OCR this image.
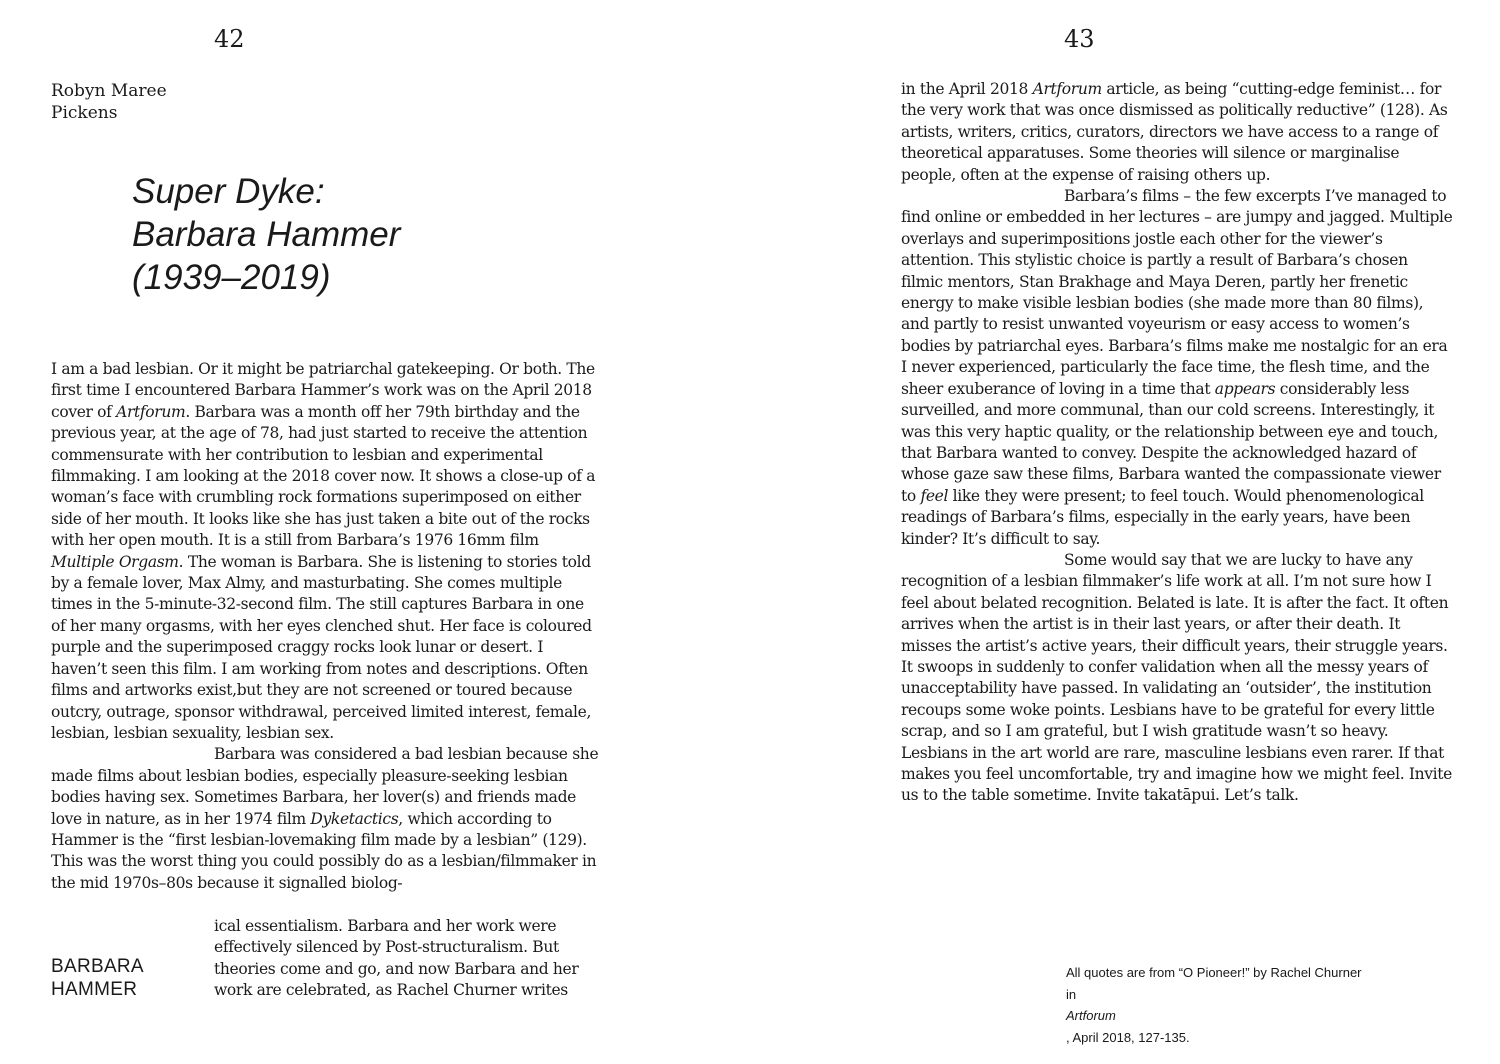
42
Robyn Maree
Pickens
Super Dyke:
Barbara Hammer
(1939–2019)

I am a bad lesbian. Or it might be patriarchal gatekeeping. Or both. The first time I encountered Barbara Hammer’s work was on the April 2018 cover of Artforum. Barbara was a month off her 79th birthday and the previous year, at the age of 78, had just started to receive the attention commensurate with her contribution to lesbian and experimental filmmaking. I am looking at the 2018 cover now. It shows a close-up of a woman’s face with crumbling rock formations superimposed on either side of her mouth. It looks like she has just taken a bite out of the rocks with her open mouth. It is a still from Barbara’s 1976 16mm film Multiple Orgasm. The woman is Barbara. She is listening to stories told by a female lover, Max Almy, and masturbating. She comes multiple times in the 5-minute-32-second film. The still captures Barbara in one of her many orgasms, with her eyes clenched shut. Her face is coloured purple and the superimposed craggy rocks look lunar or desert. I haven’t seen this film. I am working from notes and descriptions. Often films and artworks exist,but they are not screened or toured because outcry, outrage, sponsor withdrawal, perceived limited interest, female, lesbian, lesbian sexuality, lesbian sex.

Barbara was considered a bad lesbian because she made films about lesbian bodies, especially pleasure-seeking lesbian bodies having sex. Sometimes Barbara, her lover(s) and friends made love in nature, as in her 1974 film Dyketactics, which according to Hammer is the “first lesbian-lovemaking film made by a lesbian” (129). This was the worst thing you could possibly do as a lesbian/filmmaker in the mid 1970s–80s because it signalled biolog-

ical essentialism. Barbara and her work were effectively silenced by Post-structuralism. But theories come and go, and now Barbara and her work are celebrated, as Rachel Churner writes
BARBARA
HAMMER
43

in the April 2018 Artforum article, as being “cutting-edge feminist… for the very work that was once dismissed as politically reductive” (128). As artists, writers, critics, curators, directors we have access to a range of theoretical apparatuses. Some theories will silence or marginalise people, often at the expense of raising others up.

Barbara’s films – the few excerpts I’ve managed to find online or embedded in her lectures – are jumpy and jagged. Multiple overlays and superimpositions jostle each other for the viewer’s attention. This stylistic choice is partly a result of Barbara’s chosen filmic mentors, Stan Brakhage and Maya Deren, partly her frenetic energy to make visible lesbian bodies (she made more than 80 films), and partly to resist unwanted voyeurism or easy access to women’s bodies by patriarchal eyes. Barbara’s films make me nostalgic for an era I never experienced, particularly the face time, the flesh time, and the sheer exuberance of loving in a time that appears considerably less surveilled, and more communal, than our cold screens. Interestingly, it was this very haptic quality, or the relationship between eye and touch, that Barbara wanted to convey. Despite the acknowledged hazard of whose gaze saw these films, Barbara wanted the compassionate viewer to feel like they were present; to feel touch. Would phenomenological readings of Barbara’s films, especially in the early years, have been kinder? It’s difficult to say.

Some would say that we are lucky to have any recognition of a lesbian filmmaker’s life work at all. I’m not sure how I feel about belated recognition. Belated is late. It is after the fact. It often arrives when the artist is in their last years, or after their death. It misses the artist’s active years, their difficult years, their struggle years. It swoops in suddenly to confer validation when all the messy years of unacceptability have passed. In validating an ‘outsider’, the institution recoups some woke points. Lesbians have to be grateful for every little scrap, and so I am grateful, but I wish gratitude wasn’t so heavy. Lesbians in the art world are rare, masculine lesbians even rarer. If that makes you feel uncomfortable, try and imagine how we might feel. Invite us to the table sometime. Invite takatāpui. Let’s talk.

All quotes are from “O Pioneer!” by Rachel Churner
in
Artforum
, April 2018, 127-135.
